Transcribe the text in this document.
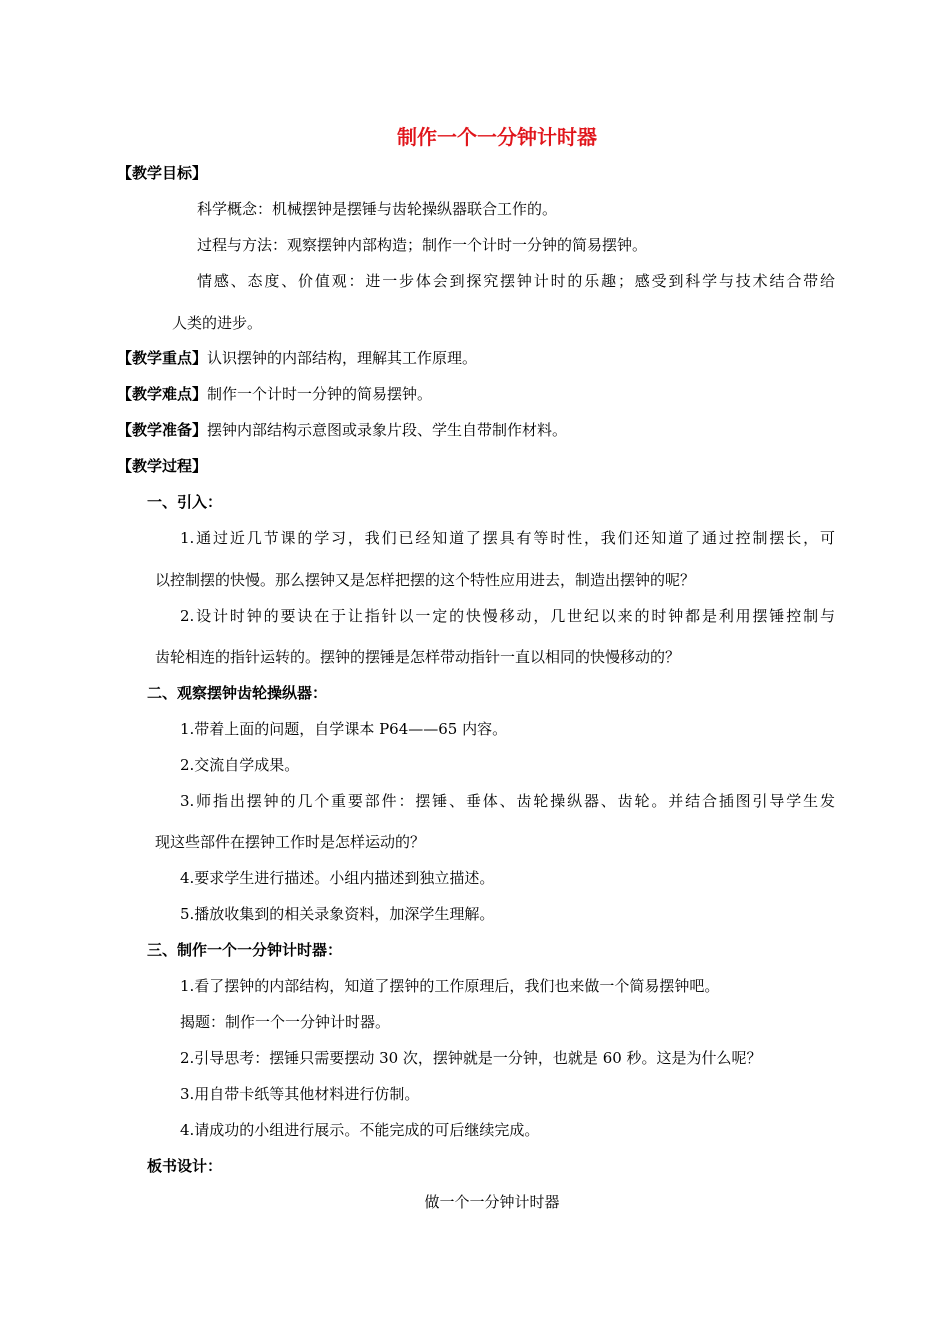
制作一个一分钟计时器
【教学目标】
科学概念：机械摆钟是摆锤与齿轮操纵器联合工作的。
过程与方法：观察摆钟内部构造；制作一个计时一分钟的简易摆钟。
情感、态度、价值观：进一步体会到探究摆钟计时的乐趣；感受到科学与技术结合带给
人类的进步。
【教学重点】认识摆钟的内部结构，理解其工作原理。
【教学难点】制作一个计时一分钟的简易摆钟。
【教学准备】摆钟内部结构示意图或录象片段、学生自带制作材料。
【教学过程】
一、引入：
1.通过近几节课的学习，我们已经知道了摆具有等时性，我们还知道了通过控制摆长，可
以控制摆的快慢。那么摆钟又是怎样把摆的这个特性应用进去，制造出摆钟的呢？
2.设计时钟的要诀在于让指针以一定的快慢移动，几世纪以来的时钟都是利用摆锤控制与
齿轮相连的指针运转的。摆钟的摆锤是怎样带动指针一直以相同的快慢移动的？
二、观察摆钟齿轮操纵器：
1.带着上面的问题，自学课本 P64——65 内容。
2.交流自学成果。
3.师指出摆钟的几个重要部件：摆锤、垂体、齿轮操纵器、齿轮。并结合插图引导学生发
现这些部件在摆钟工作时是怎样运动的？
4.要求学生进行描述。小组内描述到独立描述。
5.播放收集到的相关录象资料，加深学生理解。
三、制作一个一分钟计时器：
1.看了摆钟的内部结构，知道了摆钟的工作原理后，我们也来做一个简易摆钟吧。
揭题：制作一个一分钟计时器。
2.引导思考：摆锤只需要摆动 30 次，摆钟就是一分钟，也就是 60 秒。这是为什么呢？
3.用自带卡纸等其他材料进行仿制。
4.请成功的小组进行展示。不能完成的可后继续完成。
板书设计：
做一个一分钟计时器
